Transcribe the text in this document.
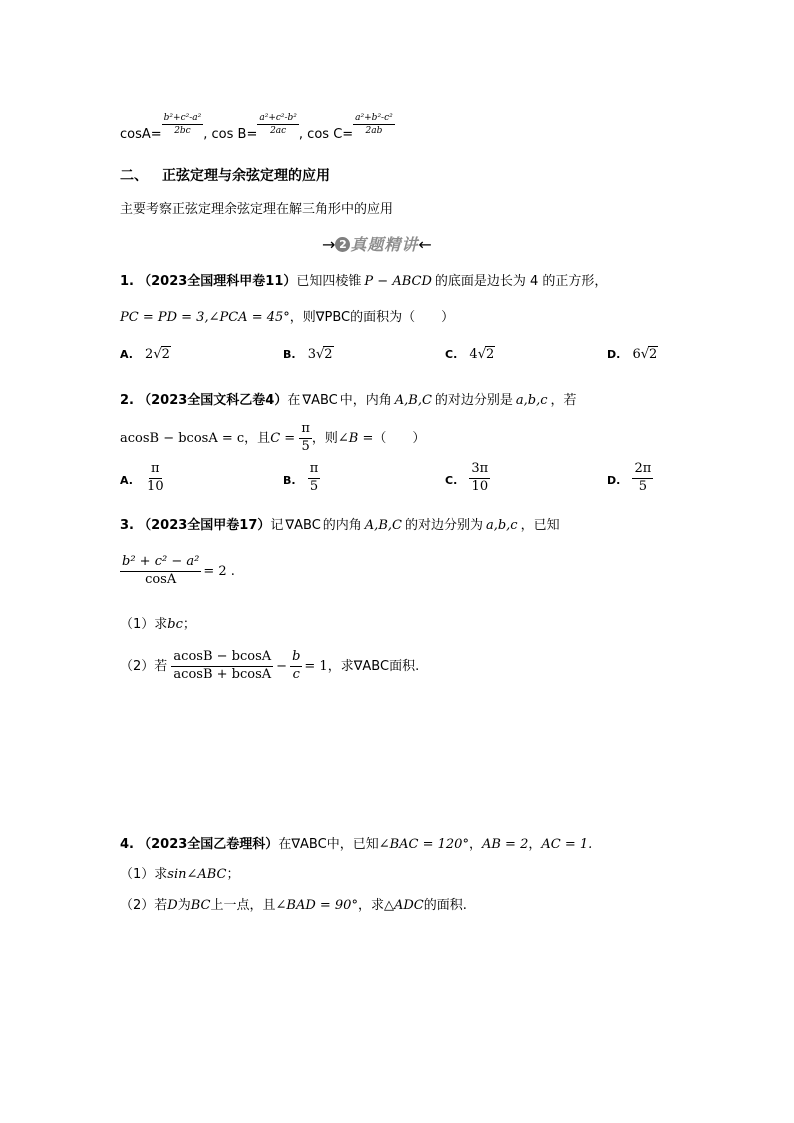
$\cos A= \frac{\text{b²+c²-a²}}{2bc}$ , $\cos B= \frac{\text{a²+c²-b²}}{2ac}$ , $\cos C= \frac{\text{a²+b²-c²}}{2ab}$
二、 正弦定理与余弦定理的应用
主要考察正弦定理余弦定理在解三角形中的应用
→ 2 真题精讲←
1. （2023全国理科甲卷11）已知四棱锥 P − ABCD 的底面是边长为 4 的正方形，
PC = PD = 3,∠PCA = 45°，则∇PBC的面积为（　　）
A. 2√ 2	B. 3√ 2	C. 4√ 2	D. 6√ 2
2. （2023全国文科乙卷4）在 ∇ABC 中，内角 A,B,C 的对边分别是 a,b,c ，若
acosB − bcosA = c，且$C = \frac{\pi}{5}$ ，则∠B =（　　）
A. $\frac{\pi}{10}$	B. $\frac{\pi}{5}$	C. $\frac{3\pi}{10}$	D. $\frac{2\pi}{5}$
3. （2023全国甲卷17）记 ∇ABC 的内角 A,B,C 的对边分别为 a,b,c ，已知
$\frac{\text{b² + c² − a²}}{\cos A} = 2$ .
（1）求bc；
（2）若 $\frac{acosB - bcosA}{acosB + bcosA} - \frac{b}{c} = 1$，求∇ABC面积.
4. （2023全国乙卷理科）在∇ABC中，已知∠BAC = 120°，AB = 2，AC = 1.
（1）求sin∠ABC；
（2）若D为BC上一点，且∠BAD = 90°，求△ADC的面积.
